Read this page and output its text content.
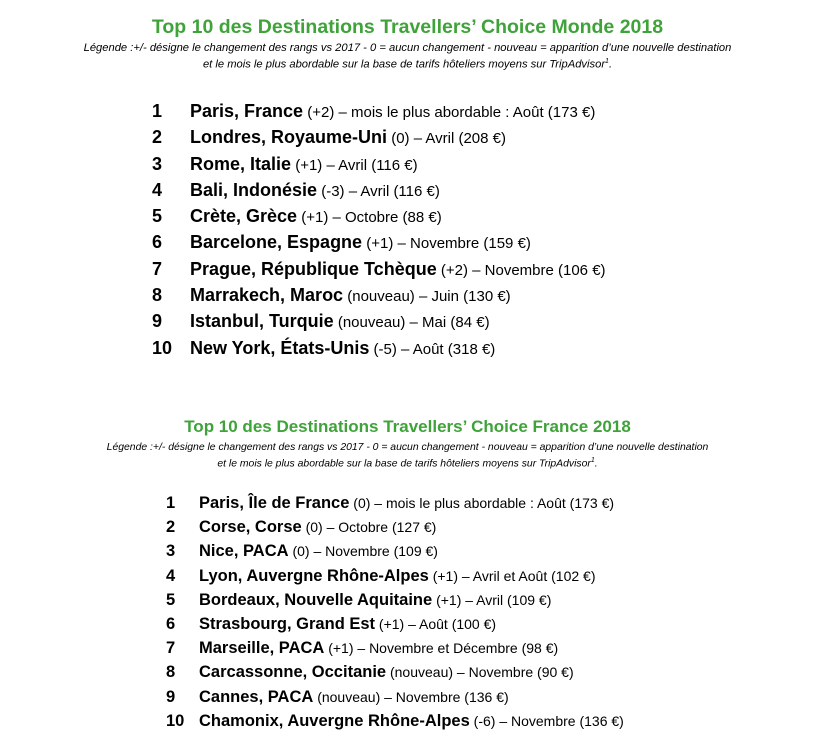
Top 10 des Destinations Travellers’ Choice Monde 2018

Légende :+/- désigne le changement des rangs vs 2017 - 0 = aucun changement - nouveau = apparition d’une nouvelle destination
et le mois le plus abordable sur la base de tarifs hôteliers moyens sur TripAdvisor$^1$.

1 Paris, France (+2) – mois le plus abordable : Août (173 €)
2 Londres, Royaume-Uni (0) – Avril (208 €)
3 Rome, Italie (+1) – Avril (116 €)
4 Bali, Indonésie (-3) – Avril (116 €)
5 Crète, Grèce (+1) – Octobre (88 €)
6 Barcelone, Espagne (+1) – Novembre (159 €)
7 Prague, République Tchèque (+2) – Novembre (106 €)
8 Marrakech, Maroc (nouveau) – Juin (130 €)
9 Istanbul, Turquie (nouveau) – Mai (84 €)
10 New York, États-Unis (-5) – Août (318 €)
Top 10 des Destinations Travellers’ Choice France 2018

Légende :+/- désigne le changement des rangs vs 2017 - 0 = aucun changement - nouveau = apparition d’une nouvelle destination
et le mois le plus abordable sur la base de tarifs hôteliers moyens sur TripAdvisor$^1$.

1 Paris, Île de France (0) – mois le plus abordable : Août (173 €)
2 Corse, Corse (0) – Octobre (127 €)
3 Nice, PACA (0) – Novembre (109 €)
4 Lyon, Auvergne Rhône-Alpes (+1) – Avril et Août (102 €)
5 Bordeaux, Nouvelle Aquitaine (+1) – Avril (109 €)
6 Strasbourg, Grand Est (+1) – Août (100 €)
7 Marseille, PACA (+1) – Novembre et Décembre (98 €)
8 Carcassonne, Occitanie (nouveau) – Novembre (90 €)
9 Cannes, PACA (nouveau) – Novembre (136 €)
10 Chamonix, Auvergne Rhône-Alpes (-6) – Novembre (136 €)
